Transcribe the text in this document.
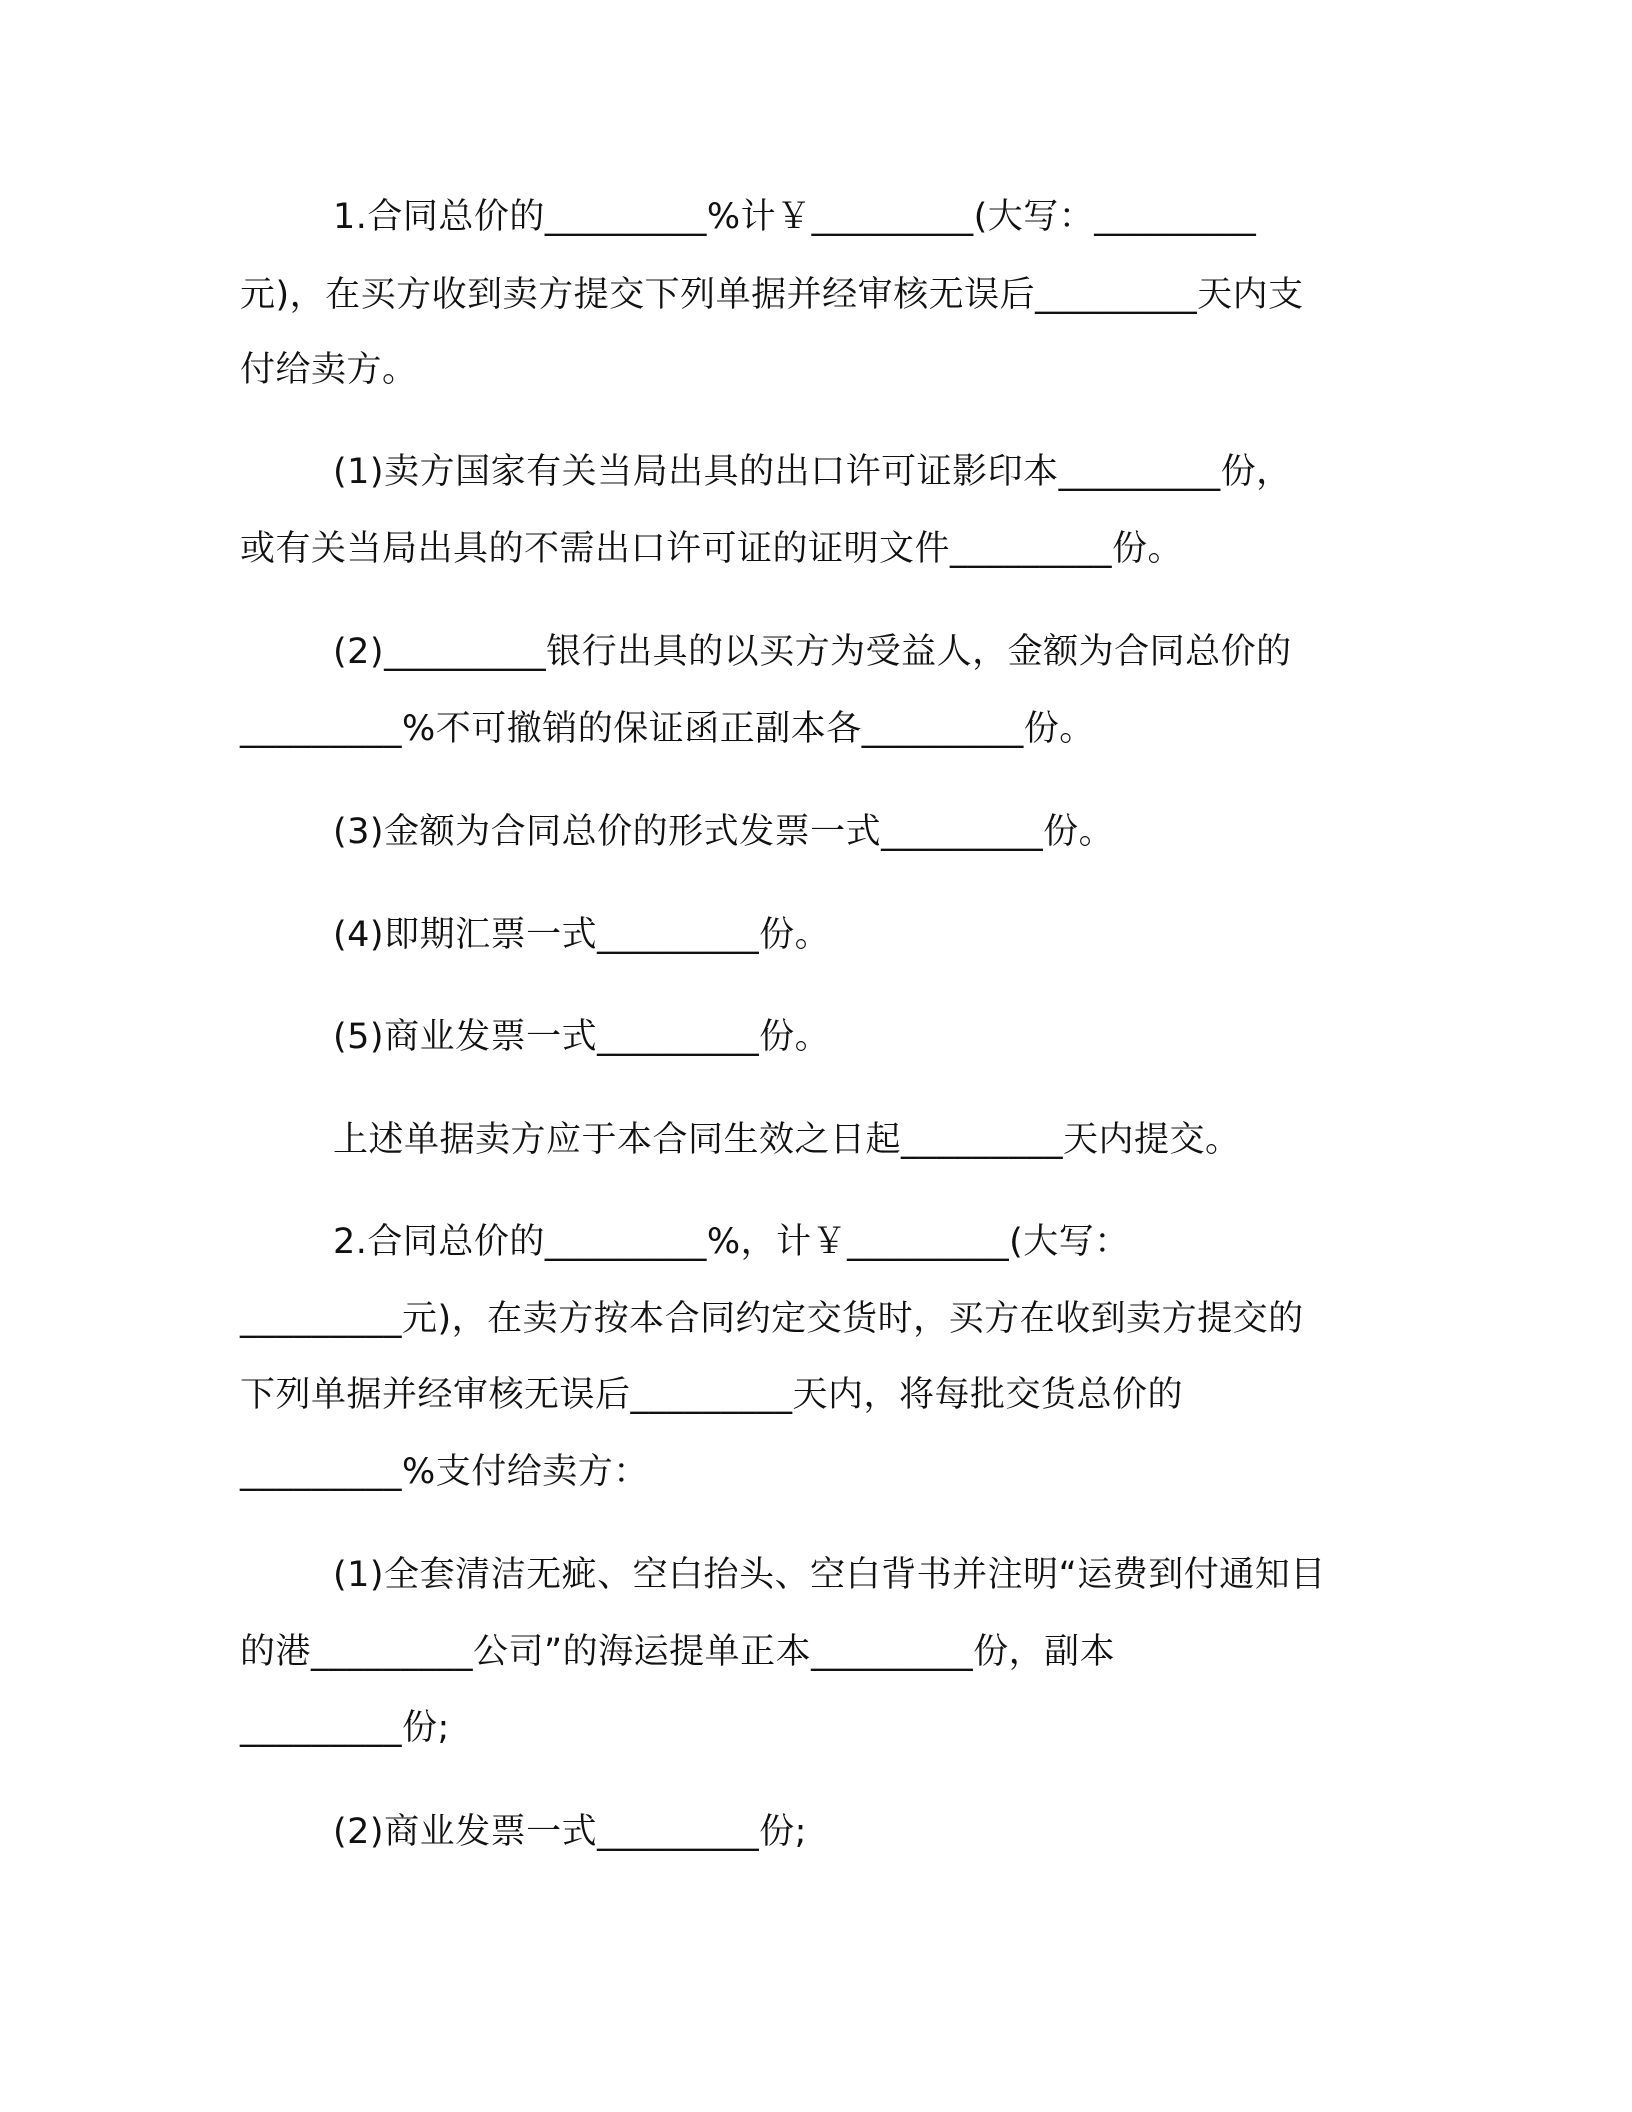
1.合同总价的_________%计￥_________(大写：_________
元)，在买方收到卖方提交下列单据并经审核无误后_________天内支
付给卖方。
(1)卖方国家有关当局出具的出口许可证影印本_________份，
或有关当局出具的不需出口许可证的证明文件_________份。
(2)_________银行出具的以买方为受益人，金额为合同总价的
_________%不可撤销的保证函正副本各_________份。
(3)金额为合同总价的形式发票一式_________份。
(4)即期汇票一式_________份。
(5)商业发票一式_________份。
上述单据卖方应于本合同生效之日起_________天内提交。
2.合同总价的_________%，计￥_________(大写：
_________元)，在卖方按本合同约定交货时，买方在收到卖方提交的
下列单据并经审核无误后_________天内，将每批交货总价的
_________%支付给卖方：
(1)全套清洁无疵、空白抬头、空白背书并注明“运费到付通知目
的港_________公司”的海运提单正本_________份，副本
_________份;
(2)商业发票一式_________份;
